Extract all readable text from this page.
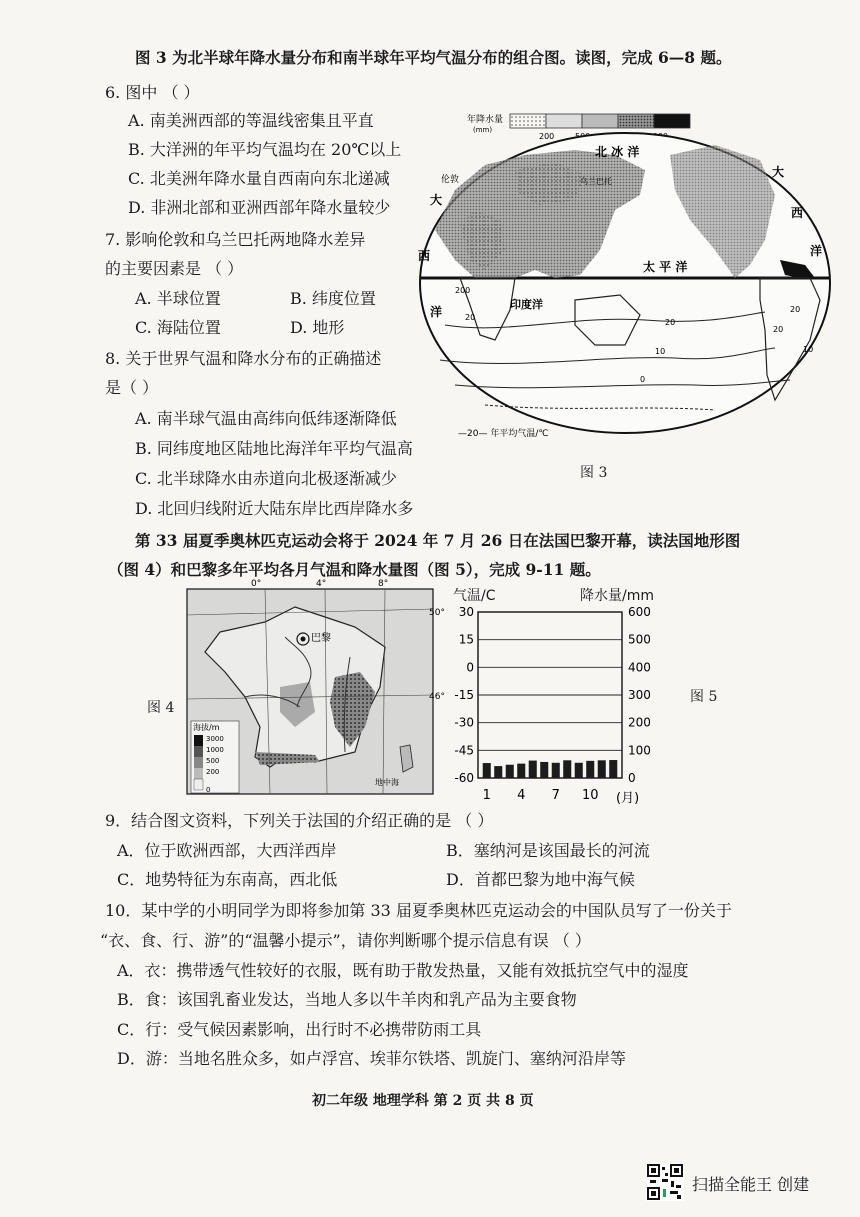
图 3 为北半球年降水量分布和南半球年平均气温分布的组合图。读图，完成 6—8 题。
6. 图中 （ ）
A. 南美洲西部的等温线密集且平直
B. 大洋洲的年平均气温均在 20℃以上
C. 北美洲年降水量自西南向东北递减
D. 非洲北部和亚洲西部年降水量较少
7. 影响伦敦和乌兰巴托两地降水差异
的主要因素是 （ ）
A. 半球位置	B. 纬度位置
C. 海陆位置	D. 地形
8. 关于世界气温和降水分布的正确描述
是（ ）
A. 南半球气温由高纬向低纬逐渐降低
B. 同纬度地区陆地比海洋年平均气温高
C. 北半球降水由赤道向北极逐渐减少
D. 北回归线附近大陆东岸比西岸降水多
年降水量
(mm)
200
北 冰 洋
伦敦	乌兰巴托
大
西
洋
大
西
洋
太 平 洋
印度洋
200
20
20
20
20
10	10
0
—20— 年平均气温/℃
图 3
第 33 届夏季奥林匹克运动会将于 2024 年 7 月 26 日在法国巴黎开幕，读法国地形图
（图 4）和巴黎多年平均各月气温和降水量图（图 5），完成 9-11 题。
图 4
巴黎
0°	4°	8°
50°
46°
地中海
海拔/m
3000
1000
500
200
0
气温/C	降水量/mm
图 5
30
15
0
-15
-30
-45
-60
600
500
400
300
200
100
0
1 4 7 10 (月)
9．结合图文资料，下列关于法国的介绍正确的是 （ ）
A．位于欧洲西部，大西洋西岸	B．塞纳河是该国最长的河流
C．地势特征为东南高，西北低	D．首都巴黎为地中海气候
10．某中学的小明同学为即将参加第 33 届夏季奥林匹克运动会的中国队员写了一份关于
“衣、食、行、游”的“温馨小提示”，请你判断哪个提示信息有误 （ ）
A．衣：携带透气性较好的衣服，既有助于散发热量，又能有效抵抗空气中的湿度
B．食：该国乳畜业发达，当地人多以牛羊肉和乳产品为主要食物
C．行：受气候因素影响，出行时不必携带防雨工具
D．游：当地名胜众多，如卢浮宫、埃菲尔铁塔、凯旋门、塞纳河沿岸等
初二年级 地理学科 第 2 页 共 8 页
扫描全能王 创建
